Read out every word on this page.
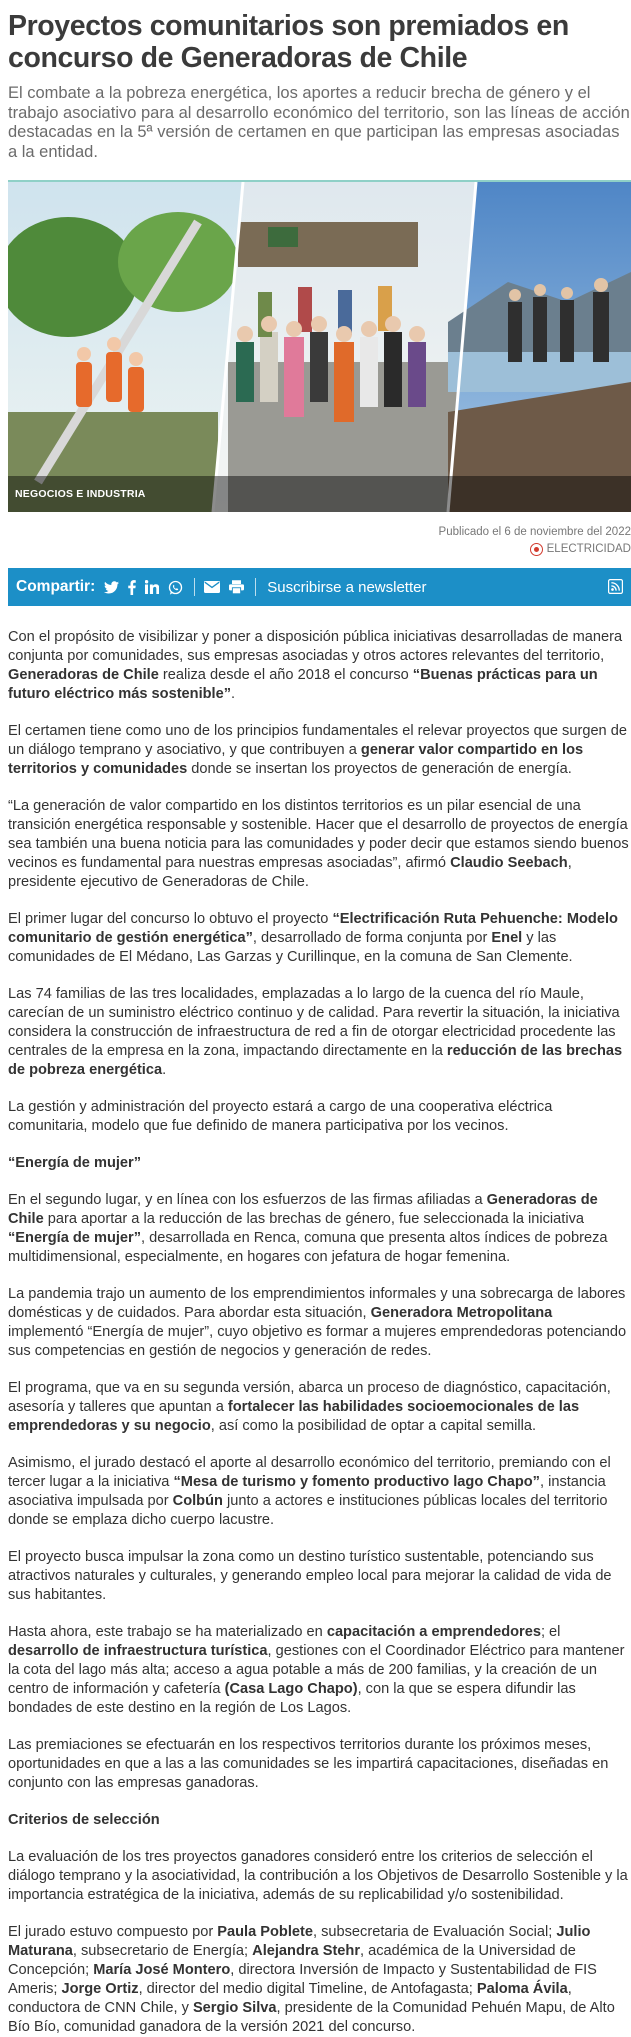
Proyectos comunitarios son premiados en concurso de Generadoras de Chile

El combate a la pobreza energética, los aportes a reducir brecha de género y el trabajo asociativo para al desarrollo económico del territorio, son las líneas de acción destacadas en la 5ª versión de certamen en que participan las empresas asociadas a la entidad.

NEGOCIOS E INDUSTRIA
Publicado el 6 de noviembre del 2022
ELECTRICIDAD
Compartir:	Suscribirse a newsletter

Con el propósito de visibilizar y poner a disposición pública iniciativas desarrolladas de manera conjunta por comunidades, sus empresas asociadas y otros actores relevantes del territorio, Generadoras de Chile realiza desde el año 2018 el concurso “Buenas prácticas para un futuro eléctrico más sostenible”.

El certamen tiene como uno de los principios fundamentales el relevar proyectos que surgen de un diálogo temprano y asociativo, y que contribuyen a generar valor compartido en los territorios y comunidades donde se insertan los proyectos de generación de energía.

“La generación de valor compartido en los distintos territorios es un pilar esencial de una transición energética responsable y sostenible. Hacer que el desarrollo de proyectos de energía sea también una buena noticia para las comunidades y poder decir que estamos siendo buenos vecinos es fundamental para nuestras empresas asociadas”, afirmó Claudio Seebach, presidente ejecutivo de Generadoras de Chile.

El primer lugar del concurso lo obtuvo el proyecto “Electrificación Ruta Pehuenche: Modelo comunitario de gestión energética”, desarrollado de forma conjunta por Enel y las comunidades de El Médano, Las Garzas y Curillinque, en la comuna de San Clemente.

Las 74 familias de las tres localidades, emplazadas a lo largo de la cuenca del río Maule, carecían de un suministro eléctrico continuo y de calidad. Para revertir la situación, la iniciativa considera la construcción de infraestructura de red a fin de otorgar electricidad procedente las centrales de la empresa en la zona, impactando directamente en la reducción de las brechas de pobreza energética.

La gestión y administración del proyecto estará a cargo de una cooperativa eléctrica comunitaria, modelo que fue definido de manera participativa por los vecinos.

“Energía de mujer”

En el segundo lugar, y en línea con los esfuerzos de las firmas afiliadas a Generadoras de Chile para aportar a la reducción de las brechas de género, fue seleccionada la iniciativa “Energía de mujer”, desarrollada en Renca, comuna que presenta altos índices de pobreza multidimensional, especialmente, en hogares con jefatura de hogar femenina.

La pandemia trajo un aumento de los emprendimientos informales y una sobrecarga de labores domésticas y de cuidados. Para abordar esta situación, Generadora Metropolitana implementó “Energía de mujer”, cuyo objetivo es formar a mujeres emprendedoras potenciando sus competencias en gestión de negocios y generación de redes.

El programa, que va en su segunda versión, abarca un proceso de diagnóstico, capacitación, asesoría y talleres que apuntan a fortalecer las habilidades socioemocionales de las emprendedoras y su negocio, así como la posibilidad de optar a capital semilla.

Asimismo, el jurado destacó el aporte al desarrollo económico del territorio, premiando con el tercer lugar a la iniciativa “Mesa de turismo y fomento productivo lago Chapo”, instancia asociativa impulsada por Colbún junto a actores e instituciones públicas locales del territorio donde se emplaza dicho cuerpo lacustre.

El proyecto busca impulsar la zona como un destino turístico sustentable, potenciando sus atractivos naturales y culturales, y generando empleo local para mejorar la calidad de vida de sus habitantes.

Hasta ahora, este trabajo se ha materializado en capacitación a emprendedores; el desarrollo de infraestructura turística, gestiones con el Coordinador Eléctrico para mantener la cota del lago más alta; acceso a agua potable a más de 200 familias, y la creación de un centro de información y cafetería (Casa Lago Chapo), con la que se espera difundir las bondades de este destino en la región de Los Lagos.

Las premiaciones se efectuarán en los respectivos territorios durante los próximos meses, oportunidades en que a las a las comunidades se les impartirá capacitaciones, diseñadas en conjunto con las empresas ganadoras.

Criterios de selección

La evaluación de los tres proyectos ganadores consideró entre los criterios de selección el diálogo temprano y la asociatividad, la contribución a los Objetivos de Desarrollo Sostenible y la importancia estratégica de la iniciativa, además de su replicabilidad y/o sostenibilidad.

El jurado estuvo compuesto por Paula Poblete, subsecretaria de Evaluación Social; Julio Maturana, subsecretario de Energía; Alejandra Stehr, académica de la Universidad de Concepción; María José Montero, directora Inversión de Impacto y Sustentabilidad de FIS Ameris; Jorge Ortiz, director del medio digital Timeline, de Antofagasta; Paloma Ávila, conductora de CNN Chile, y Sergio Silva, presidente de la Comunidad Pehuén Mapu, de Alto Bío Bío, comunidad ganadora de la versión 2021 del concurso.
